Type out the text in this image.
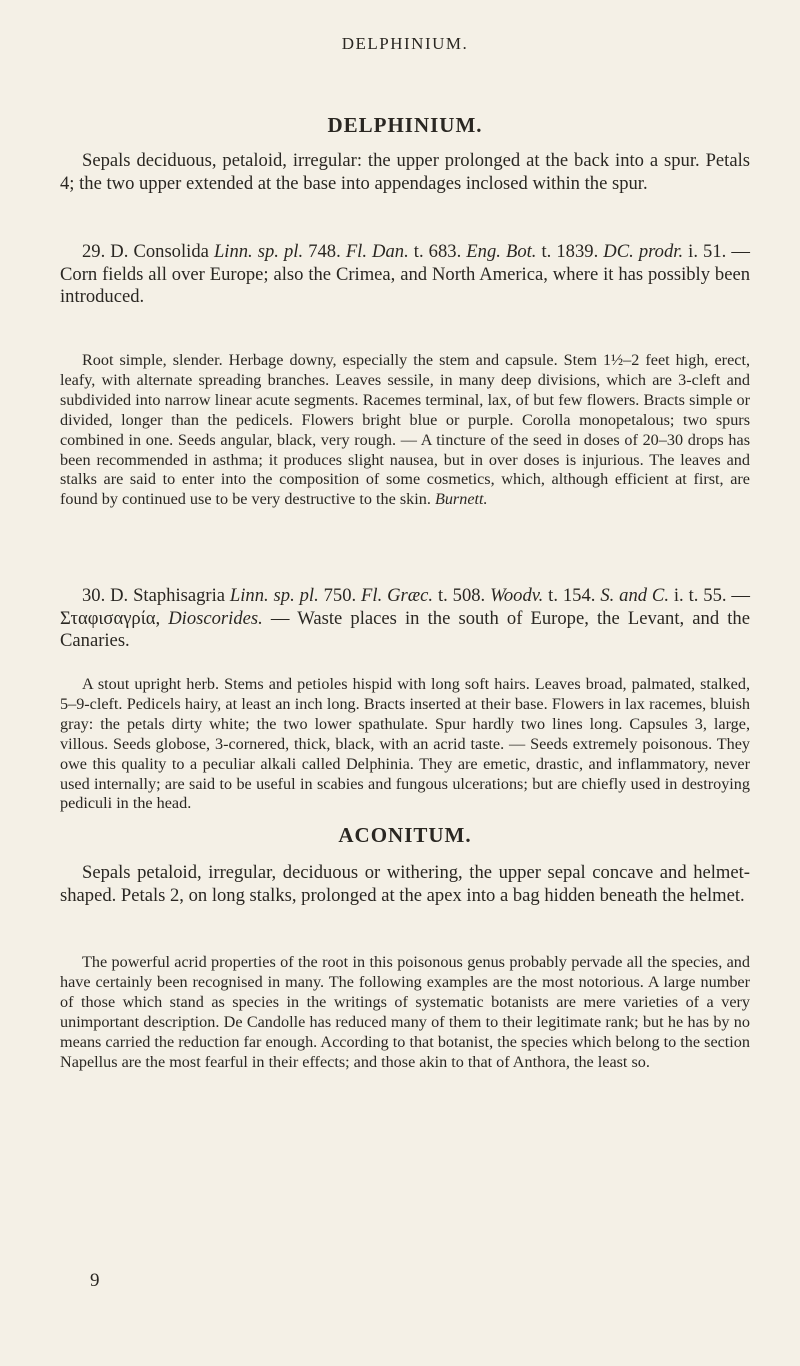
DELPHINIUM.
DELPHINIUM.

Sepals deciduous, petaloid, irregular: the upper prolonged at the back into a spur. Petals 4; the two upper extended at the base into appendages inclosed within the spur.

29. D. Consolida Linn. sp. pl. 748. Fl. Dan. t. 683. Eng. Bot. t. 1839. DC. prodr. i. 51. — Corn fields all over Europe; also the Crimea, and North America, where it has possibly been introduced.

Root simple, slender. Herbage downy, especially the stem and capsule. Stem 1½–2 feet high, erect, leafy, with alternate spreading branches. Leaves sessile, in many deep divisions, which are 3-cleft and subdivided into narrow linear acute segments. Racemes terminal, lax, of but few flowers. Bracts simple or divided, longer than the pedicels. Flowers bright blue or purple. Corolla monopetalous; two spurs combined in one. Seeds angular, black, very rough. — A tincture of the seed in doses of 20–30 drops has been recommended in asthma; it produces slight nausea, but in over doses is injurious. The leaves and stalks are said to enter into the composition of some cosmetics, which, although efficient at first, are found by continued use to be very destructive to the skin. Burnett.

30. D. Staphisagria Linn. sp. pl. 750. Fl. Græc. t. 508. Woodv. t. 154. S. and C. i. t. 55. — Σταφισαγρία, Dioscorides. — Waste places in the south of Europe, the Levant, and the Canaries.

A stout upright herb. Stems and petioles hispid with long soft hairs. Leaves broad, palmated, stalked, 5–9-cleft. Pedicels hairy, at least an inch long. Bracts inserted at their base. Flowers in lax racemes, bluish gray: the petals dirty white; the two lower spathulate. Spur hardly two lines long. Capsules 3, large, villous. Seeds globose, 3-cornered, thick, black, with an acrid taste. — Seeds extremely poisonous. They owe this quality to a peculiar alkali called Delphinia. They are emetic, drastic, and inflammatory, never used internally; are said to be useful in scabies and fungous ulcerations; but are chiefly used in destroying pediculi in the head.

ACONITUM.

Sepals petaloid, irregular, deciduous or withering, the upper sepal concave and helmet-shaped. Petals 2, on long stalks, prolonged at the apex into a bag hidden beneath the helmet.

The powerful acrid properties of the root in this poisonous genus probably pervade all the species, and have certainly been recognised in many. The following examples are the most notorious. A large number of those which stand as species in the writings of systematic botanists are mere varieties of a very unimportant description. De Candolle has reduced many of them to their legitimate rank; but he has by no means carried the reduction far enough. According to that botanist, the species which belong to the section Napellus are the most fearful in their effects; and those akin to that of Anthora, the least so.

9
